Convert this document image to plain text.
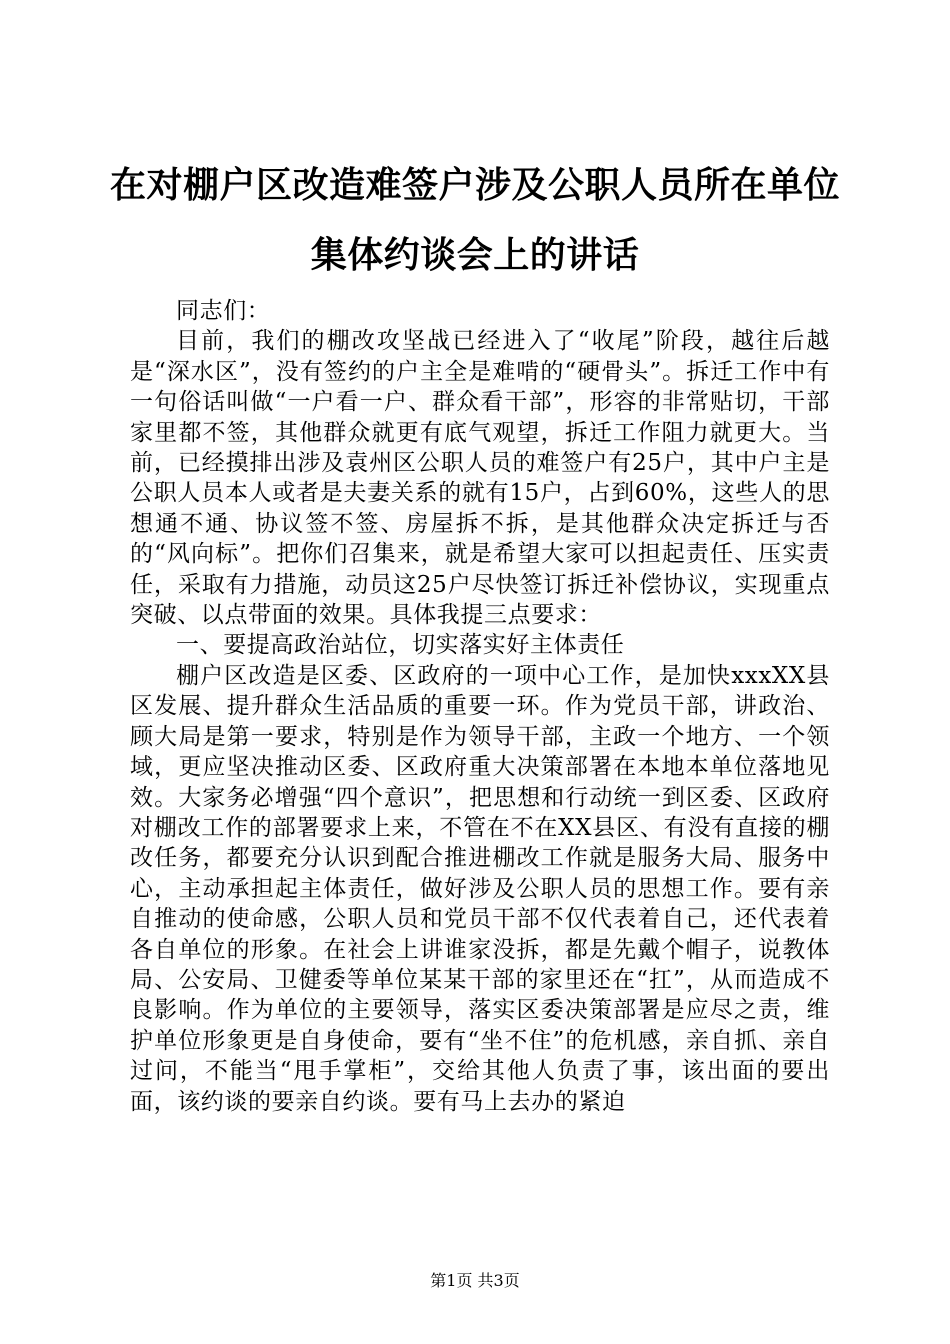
在对棚户区改造难签户涉及公职人员所在单位
集体约谈会上的讲话

同志们：

目前，我们的棚改攻坚战已经进入了“收尾”阶段，越往后越是“深水区”，没有签约的户主全是难啃的“硬骨头”。拆迁工作中有一句俗话叫做“一户看一户、群众看干部”，形容的非常贴切，干部家里都不签，其他群众就更有底气观望，拆迁工作阻力就更大。当前，已经摸排出涉及袁州区公职人员的难签户有25户，其中户主是公职人员本人或者是夫妻关系的就有15户，占到60%，这些人的思想通不通、协议签不签、房屋拆不拆，是其他群众决定拆迁与否的“风向标”。把你们召集来，就是希望大家可以担起责任、压实责任，采取有力措施，动员这25户尽快签订拆迁补偿协议，实现重点突破、以点带面的效果。具体我提三点要求：

一、要提高政治站位，切实落实好主体责任

棚户区改造是区委、区政府的一项中心工作，是加快xxxXX县区发展、提升群众生活品质的重要一环。作为党员干部，讲政治、顾大局是第一要求，特别是作为领导干部，主政一个地方、一个领域，更应坚决推动区委、区政府重大决策部署在本地本单位落地见效。大家务必增强“四个意识”，把思想和行动统一到区委、区政府对棚改工作的部署要求上来，不管在不在XX县区、有没有直接的棚改任务，都要充分认识到配合推进棚改工作就是服务大局、服务中心，主动承担起主体责任，做好涉及公职人员的思想工作。要有亲自推动的使命感，公职人员和党员干部不仅代表着自己，还代表着各自单位的形象。在社会上讲谁家没拆，都是先戴个帽子，说教体局、公安局、卫健委等单位某某干部的家里还在“扛”，从而造成不良影响。作为单位的主要领导，落实区委决策部署是应尽之责，维护单位形象更是自身使命，要有“坐不住”的危机感，亲自抓、亲自过问，不能当“甩手掌柜”，交给其他人负责了事，该出面的要出面，该约谈的要亲自约谈。要有马上去办的紧迫

第1页 共3页
